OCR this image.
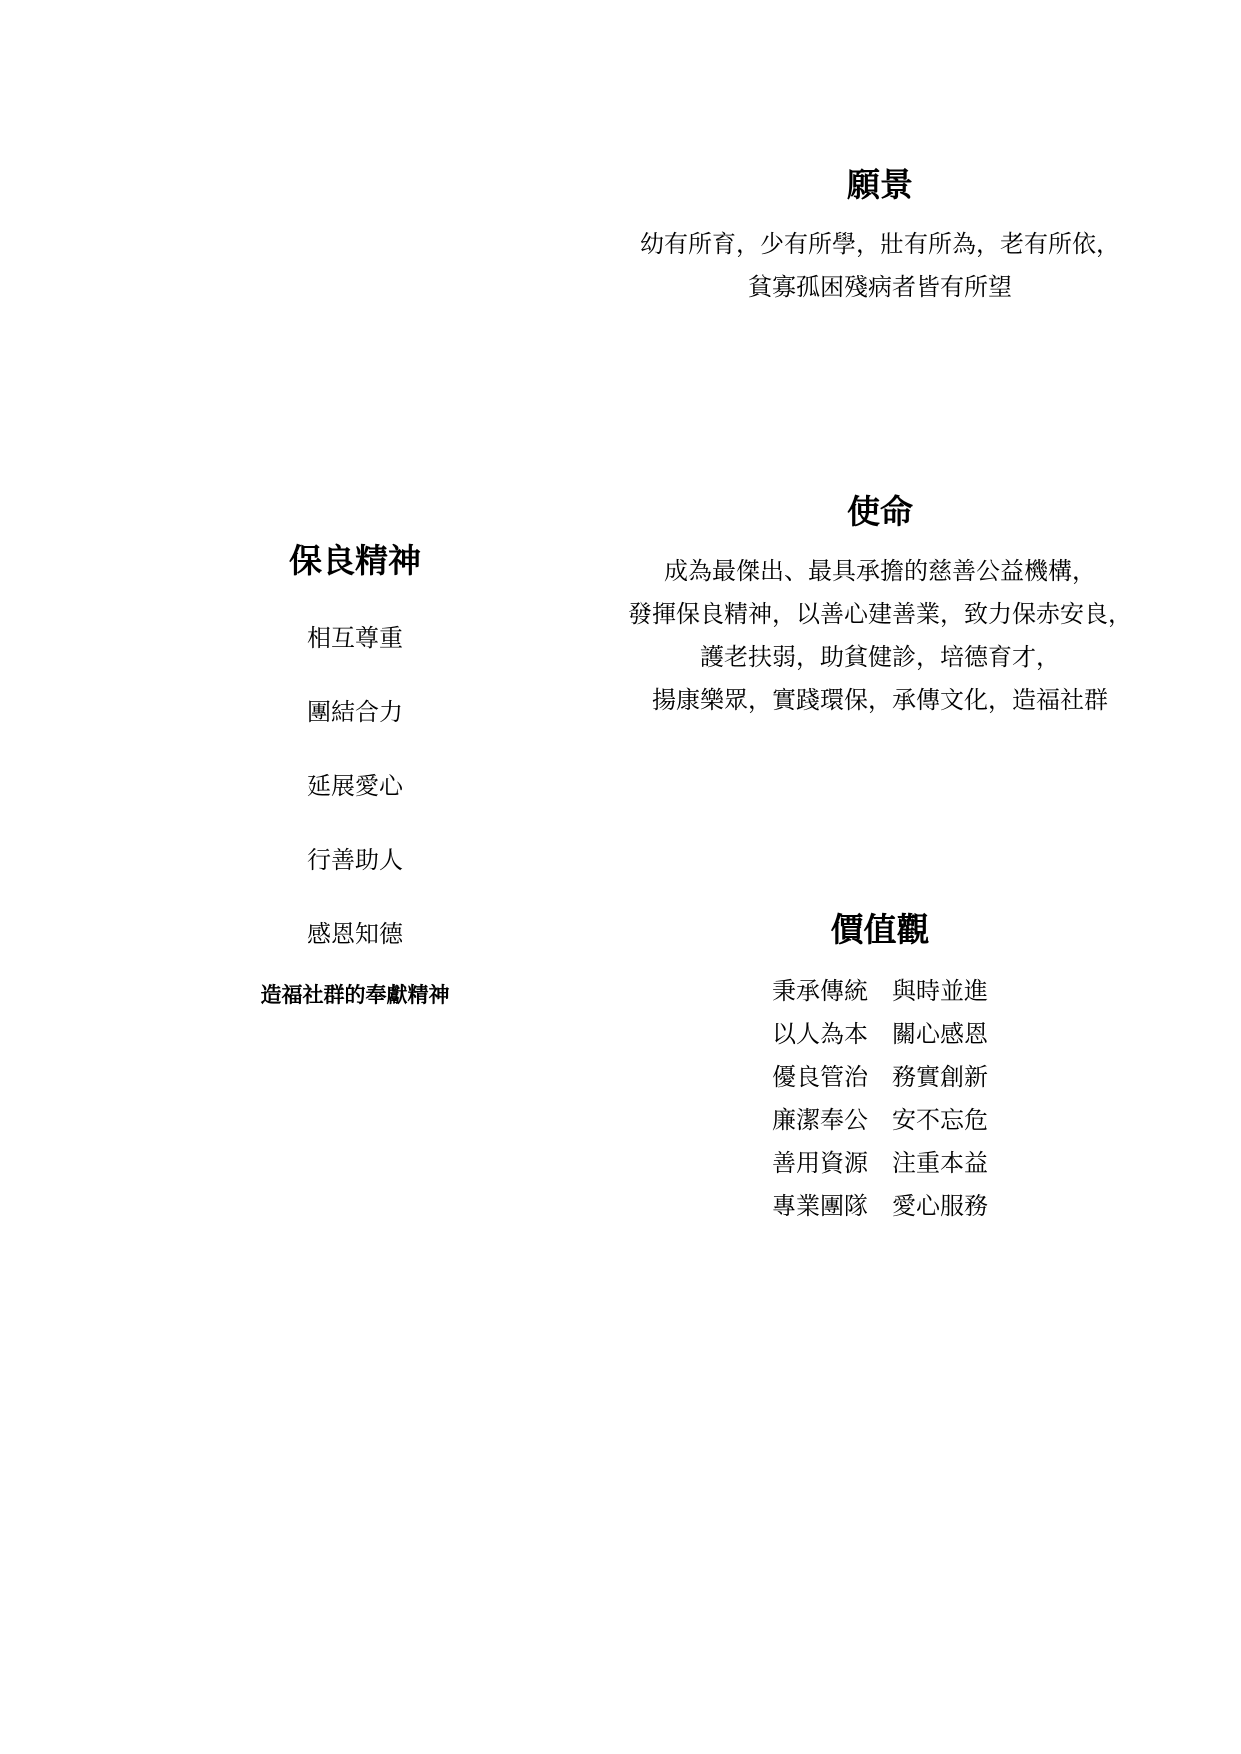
願景

幼有所育，少有所學，壯有所為，老有所依，

貧寡孤困殘病者皆有所望

使命

成為最傑出、最具承擔的慈善公益機構，

發揮保良精神，以善心建善業，致力保赤安良，

護老扶弱，助貧健診，培德育才，

揚康樂眾，實踐環保，承傳文化，造福社群

保良精神
相互尊重
團結合力
延展愛心
行善助人
感恩知德
造福社群的奉獻精神
價值觀
秉承傳統	與時並進
以人為本	關心感恩
優良管治	務實創新
廉潔奉公	安不忘危
善用資源	注重本益
專業團隊	愛心服務
